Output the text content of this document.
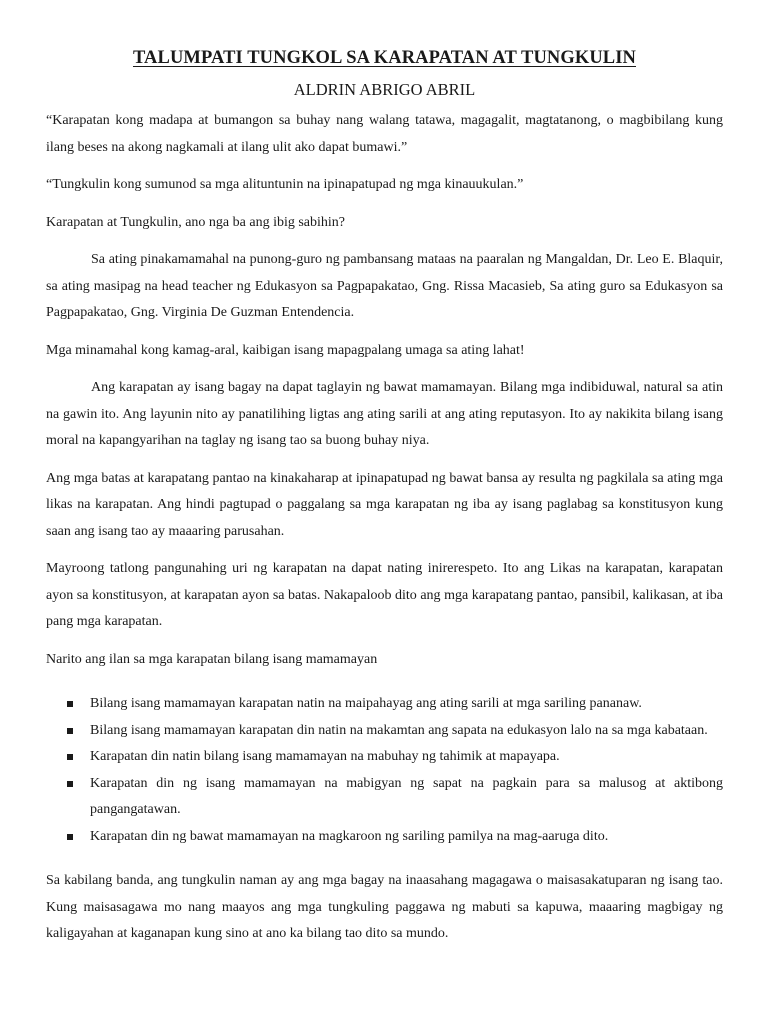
TALUMPATI TUNGKOL SA KARAPATAN AT TUNGKULIN
ALDRIN ABRIGO ABRIL

“Karapatan kong madapa at bumangon sa buhay nang walang tatawa, magagalit, magtatanong, o magbibilang kung ilang beses na akong nagkamali at ilang ulit ako dapat bumawi.”

“Tungkulin kong sumunod sa mga alituntunin na ipinapatupad ng mga kinauukulan.”

Karapatan at Tungkulin, ano nga ba ang ibig sabihin?

Sa ating pinakamamahal na punong-guro ng pambansang mataas na paaralan ng Mangaldan, Dr. Leo E. Blaquir, sa ating masipag na head teacher ng Edukasyon sa Pagpapakatao, Gng. Rissa Macasieb, Sa ating guro sa Edukasyon sa Pagpapakatao, Gng. Virginia De Guzman Entendencia.

Mga minamahal kong kamag-aral, kaibigan isang mapagpalang umaga sa ating lahat!

Ang karapatan ay isang bagay na dapat taglayin ng bawat mamamayan. Bilang mga indibiduwal, natural sa atin na gawin ito. Ang layunin nito ay panatilihing ligtas ang ating sarili at ang ating reputasyon. Ito ay nakikita bilang isang moral na kapangyarihan na taglay ng isang tao sa buong buhay niya.

Ang mga batas at karapatang pantao na kinakaharap at ipinapatupad ng bawat bansa ay resulta ng pagkilala sa ating mga likas na karapatan. Ang hindi pagtupad o paggalang sa mga karapatan ng iba ay isang paglabag sa konstitusyon kung saan ang isang tao ay maaaring parusahan.

Mayroong tatlong pangunahing uri ng karapatan na dapat nating inirerespeto. Ito ang Likas na karapatan, karapatan ayon sa konstitusyon, at karapatan ayon sa batas. Nakapaloob dito ang mga karapatang pantao, pansibil, kalikasan, at iba pang mga karapatan.

Narito ang ilan sa mga karapatan bilang isang mamamayan

Bilang isang mamamayan karapatan natin na maipahayag ang ating sarili at mga sariling pananaw.
Bilang isang mamamayan karapatan din natin na makamtan ang sapata na edukasyon lalo na sa mga kabataan.
Karapatan din natin bilang isang mamamayan na mabuhay ng tahimik at mapayapa.
Karapatan din ng isang mamamayan na mabigyan ng sapat na pagkain para sa malusog at aktibong pangangatawan.
Karapatan din ng bawat mamamayan na magkaroon ng sariling pamilya na mag-aaruga dito.

Sa kabilang banda, ang tungkulin naman ay ang mga bagay na inaasahang magagawa o maisasakatuparan ng isang tao. Kung maisasagawa mo nang maayos ang mga tungkuling paggawa ng mabuti sa kapuwa, maaaring magbigay ng kaligayahan at kaganapan kung sino at ano ka bilang tao dito sa mundo.
